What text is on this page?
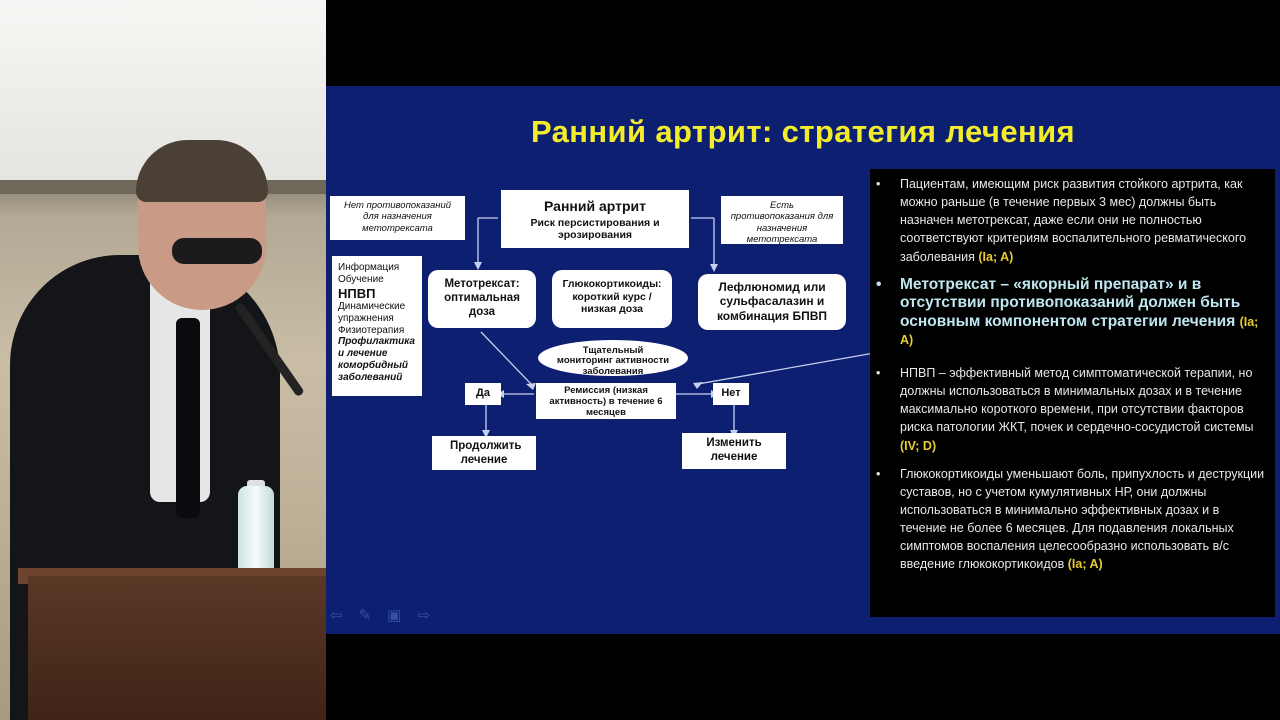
Ранний артрит: стратегия лечения
Ранний артрит
Риск персистирования и эрозирования
Нет противопоказаний для назначения метотрексата
Есть противопоказания для назначения метотрексата
Информация
Обучение
НПВП
Динамические упражнения
Физиотерапия
Профилактика и лечение коморбидный заболеваний
Метотрексат: оптимальная доза
Глюкокортикоиды: короткий курс /низкая доза
Лефлюномид или сульфасалазин и комбинация БПВП
Тщательный мониторинг активности заболевания
Ремиссия (низкая активность) в течение 6 месяцев
Да	Нет
Продолжить лечение
Изменить лечение
• Пациентам, имеющим риск развития стойкого артрита, как можно раньше (в течение первых 3 мес) должны быть назначен метотрексат, даже если они не полностью соответствуют критериям воспалительного ревматического заболевания (Ia; A)
• Метотрексат – «якорный препарат» и в отсутствии противопоказаний должен быть основным компонентом стратегии лечения (Ia; A)
• НПВП – эффективный метод симптоматической терапии, но должны использоваться в минимальных дозах и в течение максимально короткого времени, при отсутствии факторов риска патологии ЖКТ, почек и сердечно-сосудистой системы (IV; D)
• Глюкокортикоиды уменьшают боль, припухлость и деструкции суставов, но с учетом кумулятивных НР, они должны использоваться в минимально эффективных дозах и в течение не более 6 месяцев. Для подавления локальных симптомов воспаления целесообразно использовать в/с введение глюкокортикоидов (Ia; A)
⇦✎▣⇨
